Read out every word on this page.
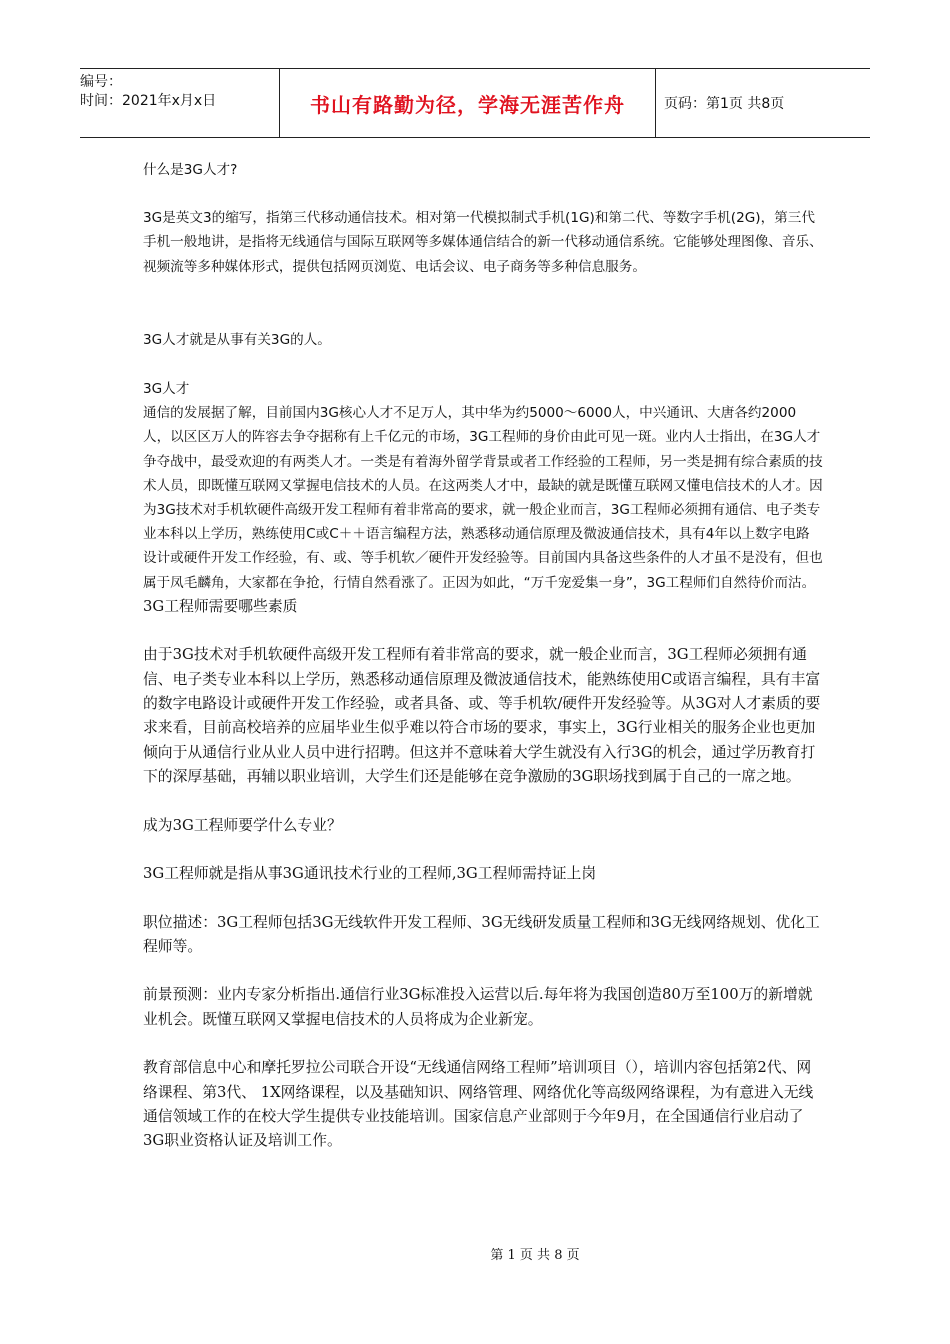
编号：
时间：2021年x月x日	书山有路勤为径，学海无涯苦作舟	页码：第1页 共8页

什么是3G人才?

3G是英文3的缩写，指第三代移动通信技术。相对第一代模拟制式手机(1G)和第二代、等数字手机(2G)，第三代手机一般地讲，是指将无线通信与国际互联网等多媒体通信结合的新一代移动通信系统。它能够处理图像、音乐、视频流等多种媒体形式，提供包括网页浏览、电话会议、电子商务等多种信息服务。

3G人才就是从事有关3G的人。

3G人才

通信的发展据了解，目前国内3G核心人才不足万人，其中华为约5000～6000人，中兴通讯、大唐各约2000人，以区区万人的阵容去争夺据称有上千亿元的市场，3G工程师的身价由此可见一斑。业内人士指出，在3G人才争夺战中，最受欢迎的有两类人才。一类是有着海外留学背景或者工作经验的工程师，另一类是拥有综合素质的技术人员，即既懂互联网又掌握电信技术的人员。在这两类人才中，最缺的就是既懂互联网又懂电信技术的人才。因为3G技术对手机软硬件高级开发工程师有着非常高的要求，就一般企业而言，3G工程师必须拥有通信、电子类专业本科以上学历，熟练使用C或C＋＋语言编程方法，熟悉移动通信原理及微波通信技术，具有4年以上数字电路设计或硬件开发工作经验，有、或、等手机软／硬件开发经验等。目前国内具备这些条件的人才虽不是没有，但也属于凤毛麟角，大家都在争抢，行情自然看涨了。正因为如此，“万千宠爱集一身”，3G工程师们自然待价而沽。

3G工程师需要哪些素质

由于3G技术对手机软硬件高级开发工程师有着非常高的要求，就一般企业而言，3G工程师必须拥有通信、电子类专业本科以上学历，熟悉移动通信原理及微波通信技术，能熟练使用C或语言编程，具有丰富的数字电路设计或硬件开发工作经验，或者具备、或、等手机软/硬件开发经验等。从3G对人才素质的要求来看，目前高校培养的应届毕业生似乎难以符合市场的要求，事实上，3G行业相关的服务企业也更加倾向于从通信行业从业人员中进行招聘。但这并不意味着大学生就没有入行3G的机会，通过学历教育打下的深厚基础，再辅以职业培训，大学生们还是能够在竞争激励的3G职场找到属于自己的一席之地。

成为3G工程师要学什么专业？

3G工程师就是指从事3G通讯技术行业的工程师,3G工程师需持证上岗

职位描述：3G工程师包括3G无线软件开发工程师、3G无线研发质量工程师和3G无线网络规划、优化工程师等。

前景预测：业内专家分析指出.通信行业3G标准投入运营以后.每年将为我国创造80万至100万的新增就业机会。既懂互联网又掌握电信技术的人员将成为企业新宠。

教育部信息中心和摩托罗拉公司联合开设“无线通信网络工程师”培训项目（），培训内容包括第2代、网络课程、第3代、 1X网络课程，以及基础知识、网络管理、网络优化等高级网络课程，为有意进入无线通信领域工作的在校大学生提供专业技能培训。国家信息产业部则于今年9月，在全国通信行业启动了3G职业资格认证及培训工作。

第 1 页 共 8 页
